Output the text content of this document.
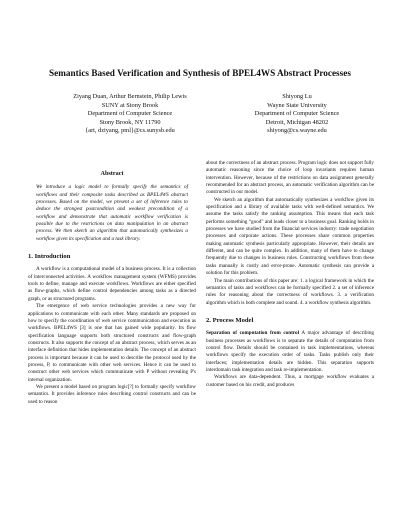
Semantics Based Verification and Synthesis of BPEL4WS Abstract Processes
Ziyang Duan, Arthur Bernstein, Philip Lewis
SUNY at Stony Brook
Department of Computer Science
Stony Brook, NY 11790
{art, dziyang, pml}@cs.sunysb.edu
Shiyong Lu
Wayne State University
Department of Computer Science
Detroit, Michigan 48202
shiyong@cs.wayne.edu
Abstract
We introduce a logic model to formally specify the semantics of workflows and their composite tasks described as BPEL4WS abstract processes. Based on the model, we present a set of inference rules to deduce the strongest postcondition and weakest precondition of a workflow and demonstrate that automatic workflow verification is possible due to the restrictions on data manipulation in an abstract process. We then sketch an algorithm that automatically synthesizes a workflow given its specification and a task library.
1. Introduction

A workflow is a computational model of a business process. It is a collection of interconnected activities. A workflow management system (WFMS) provides tools to define, manage and execute workflows. Workflows are either specified as flow-graphs, which define control dependencies among tasks as a directed graph, or as structured programs.

The emergence of web service technologies provides a new way for applications to communicate with each other. Many standards are proposed on how to specify the coordination of web service communication and execution as workflows. BPEL4WS [3] is one that has gained wide popularity. Its flow specification language supports both structured constructs and flow-graph constructs. It also supports the concept of an abstract process, which serves as an interface definition that hides implementation details. The concept of an abstract process is important because it can be used to describe the protocol used by the process, P, to communicate with other web services. Hence it can be used to construct other web services which communicate with P without revealing P's internal organization.

We present a model based on program logic[?] to formally specify workflow semantics. It provides inference rules describing control constructs and can be used to reason

about the correctness of an abstract process. Program logic does not support fully automatic reasoning since the choice of loop invariants requires human intervention. However, because of the restrictions on data assignment generally recommended for an abstract process, an automatic verification algorithm can be constructed in our model.

We sketch an algorithm that automatically synthesizes a workflow given its specification and a library of available tasks with well-defined semantics. We assume the tasks satisfy the ranking assumption. This means that each task performs something “good” and leads closer to a business goal. Ranking holds in processes we have studied from the financial services industry: trade negotiation processes and corporate actions. These processes share common properties making automatic synthesis particularly appropriate. However, their details are different, and can be quite complex. In addition, many of them have to change frequently due to changes in business rules. Constructing workflows from these tasks manually is costly and error-prone. Automatic synthesis can provide a solution for this problem.

The main contributions of this paper are: 1. a logical framework in which the semantics of tasks and workflows can be formally specified 2. a set of inference rules for reasoning about the correctness of workflows. 3. a verification algorithm which is both complete and sound. 4. a workflow synthesis algorithm.

2. Process Model

Separation of computation from control A major advantage of describing business processes as workflows is to separate the details of computation from control flow. Details should be contained in task implementations, whereas workflows specify the execution order of tasks. Tasks publish only their interfaces; implementation details are hidden. This separation supports interdomain task integration and task re-implementation.

Workflows are data-dependent. Thus, a mortgage workflow evaluates a customer based on his credit, and produces
